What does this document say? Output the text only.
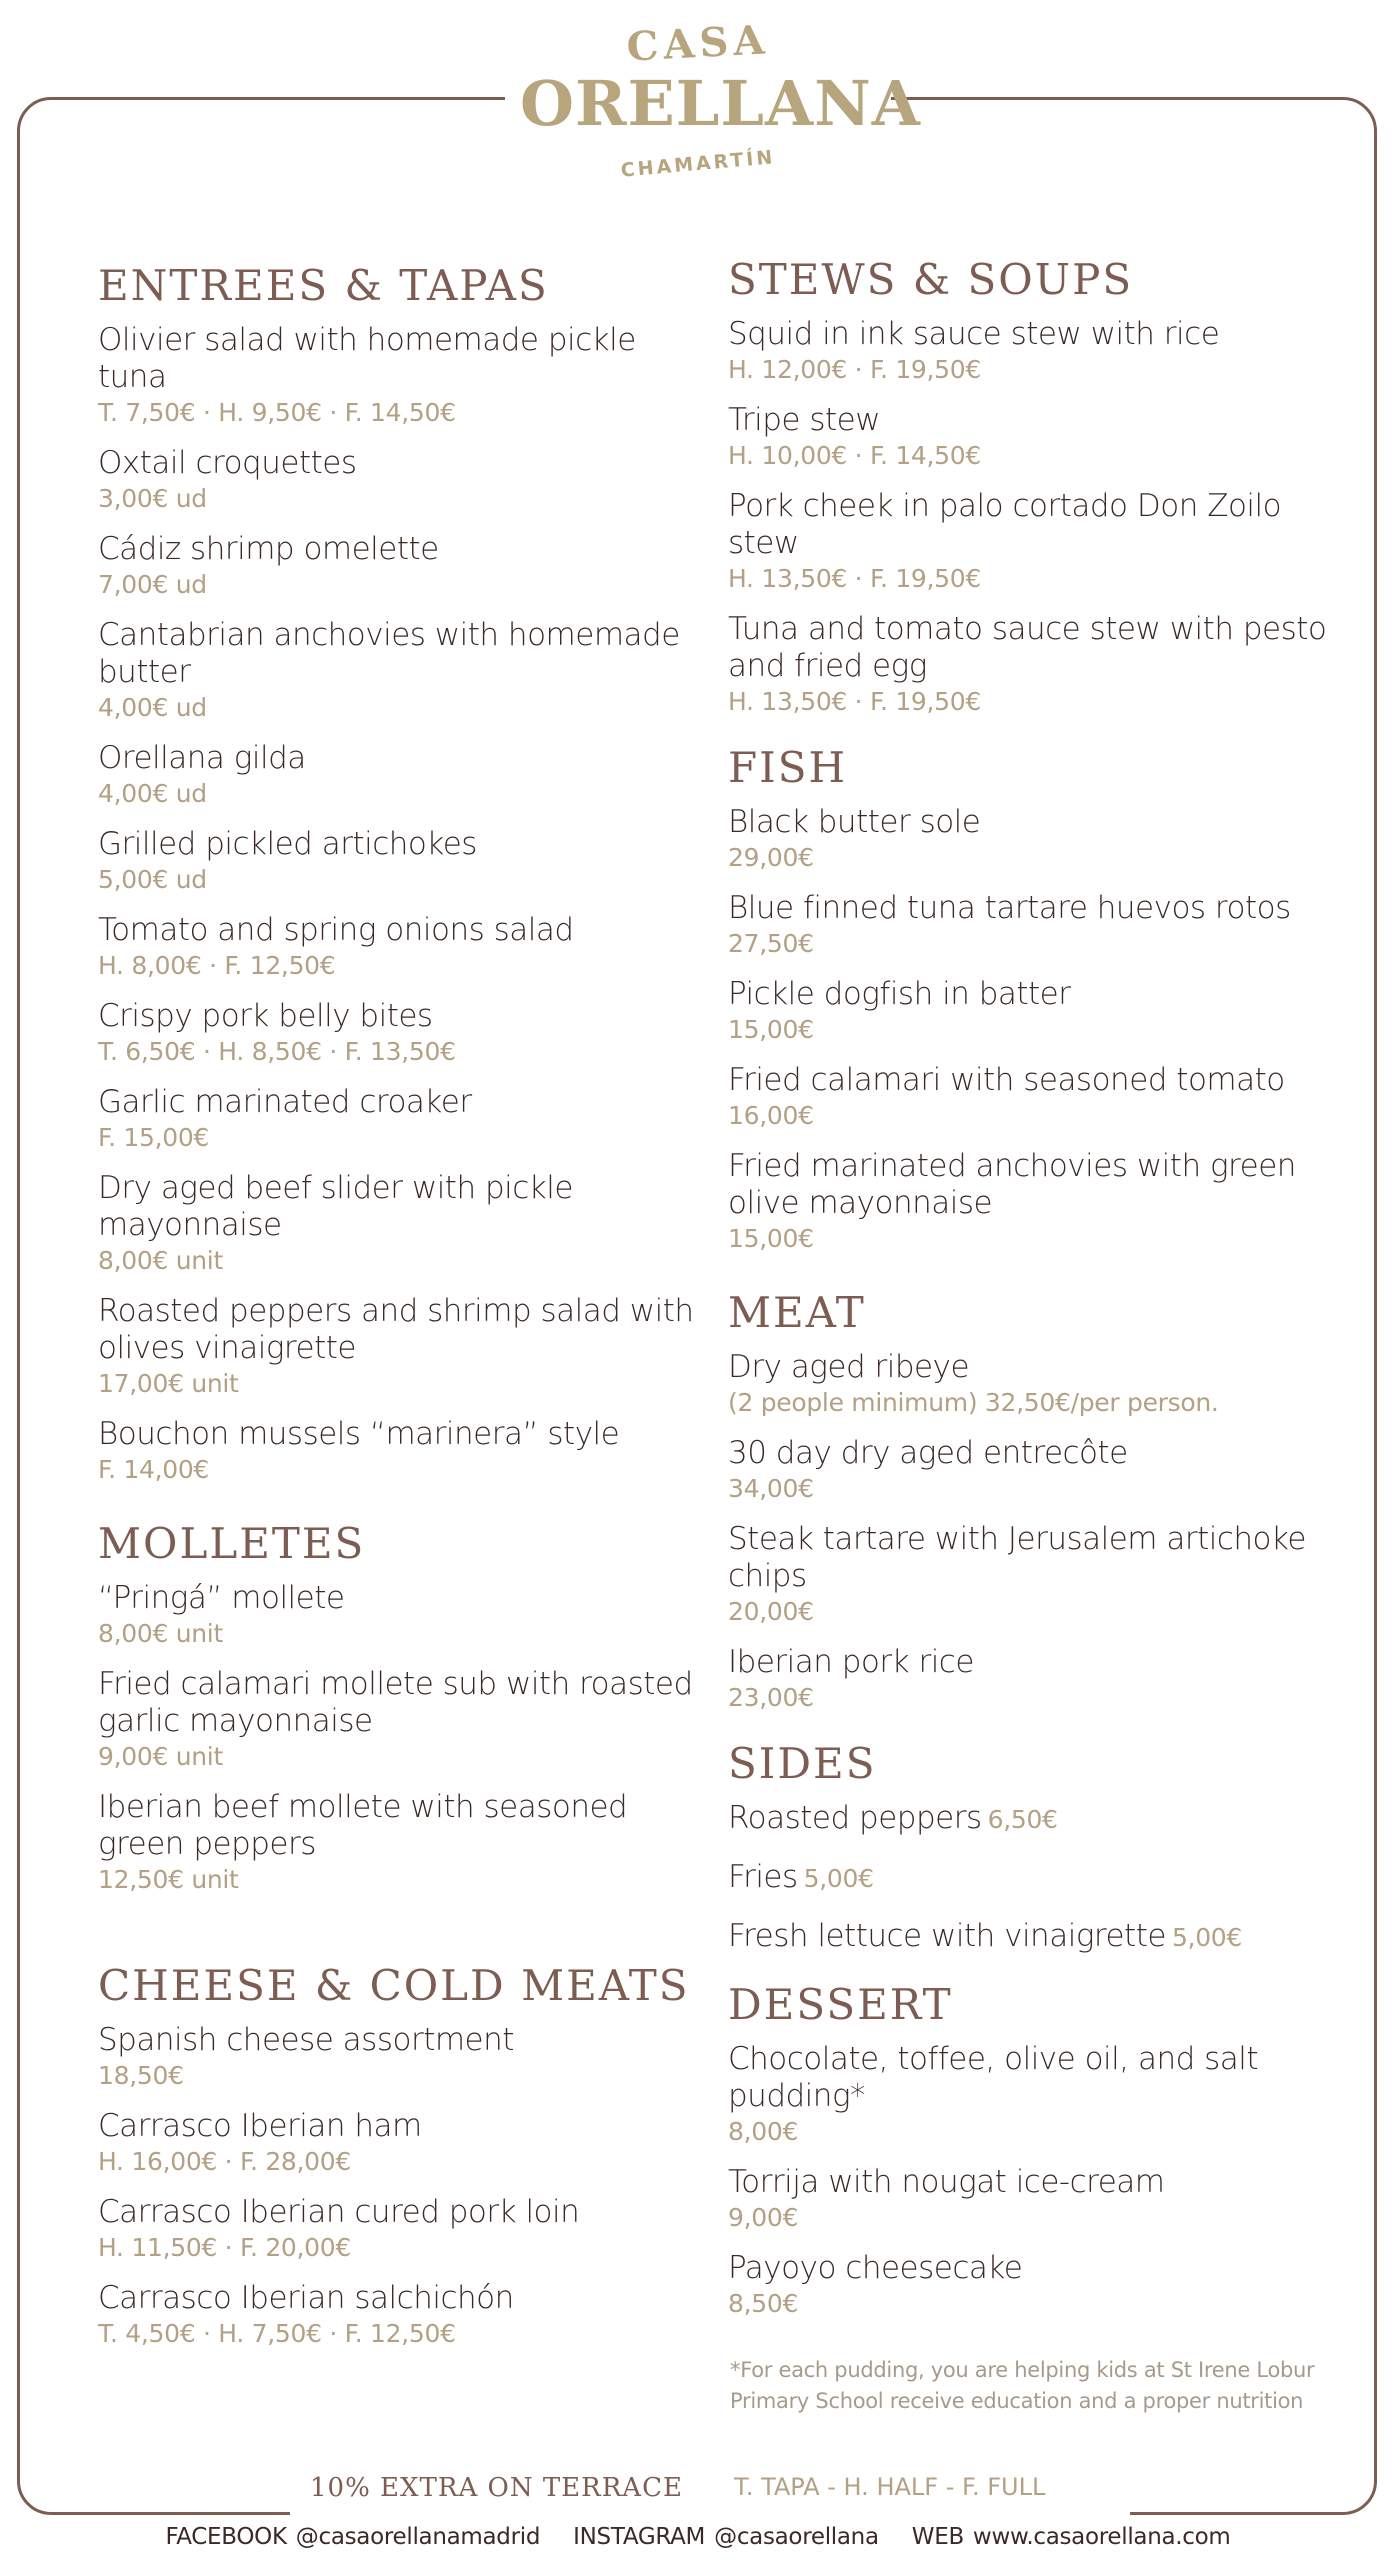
CASA
ORELLANA
CHAMARTÍN
ENTREES & TAPAS
Olivier salad with homemade pickle tuna
T. 7,50€ · H. 9,50€ · F. 14,50€
Oxtail croquettes
3,00€ ud
Cádiz shrimp omelette
7,00€ ud
Cantabrian anchovies with homemade butter
4,00€ ud
Orellana gilda
4,00€ ud
Grilled pickled artichokes
5,00€ ud
Tomato and spring onions salad
H. 8,00€ · F. 12,50€
Crispy pork belly bites
T. 6,50€ · H. 8,50€ · F. 13,50€
Garlic marinated croaker
F. 15,00€
Dry aged beef slider with pickle mayonnaise
8,00€ unit
Roasted peppers and shrimp salad with olives vinaigrette
17,00€ unit
Bouchon mussels “marinera” style
F. 14,00€
MOLLETES
“Pringá” mollete
8,00€ unit
Fried calamari mollete sub with roasted garlic mayonnaise
9,00€ unit
Iberian beef mollete with seasoned green peppers
12,50€ unit
CHEESE & COLD MEATS
Spanish cheese assortment
18,50€
Carrasco Iberian ham
H. 16,00€ · F. 28,00€
Carrasco Iberian cured pork loin
H. 11,50€ · F. 20,00€
Carrasco Iberian salchichón
T. 4,50€ · H. 7,50€ · F. 12,50€
STEWS & SOUPS
Squid in ink sauce stew with rice
H. 12,00€ · F. 19,50€
Tripe stew
H. 10,00€ · F. 14,50€
Pork cheek in palo cortado Don Zoilo stew
H. 13,50€ · F. 19,50€
Tuna and tomato sauce stew with pesto and fried egg
H. 13,50€ · F. 19,50€
FISH
Black butter sole
29,00€
Blue finned tuna tartare huevos rotos
27,50€
Pickle dogfish in batter
15,00€
Fried calamari with seasoned tomato
16,00€
Fried marinated anchovies with green olive mayonnaise
15,00€
MEAT
Dry aged ribeye
(2 people minimum) 32,50€/per person.
30 day dry aged entrecôte
34,00€
Steak tartare with Jerusalem artichoke chips
20,00€
Iberian pork rice
23,00€
SIDES
Roasted peppers 6,50€
Fries 5,00€
Fresh lettuce with vinaigrette 5,00€
DESSERT
Chocolate, toffee, olive oil, and salt pudding*
8,00€
Torrija with nougat ice-cream
9,00€
Payoyo cheesecake
8,50€
*For each pudding, you are helping kids at St Irene Lobur Primary School receive education and a proper nutrition
10% EXTRA ON TERRACE T. TAPA - H. HALF - F. FULL
FACEBOOK @casaorellanamadrid INSTAGRAM @casaorellana WEB www.casaorellana.com
